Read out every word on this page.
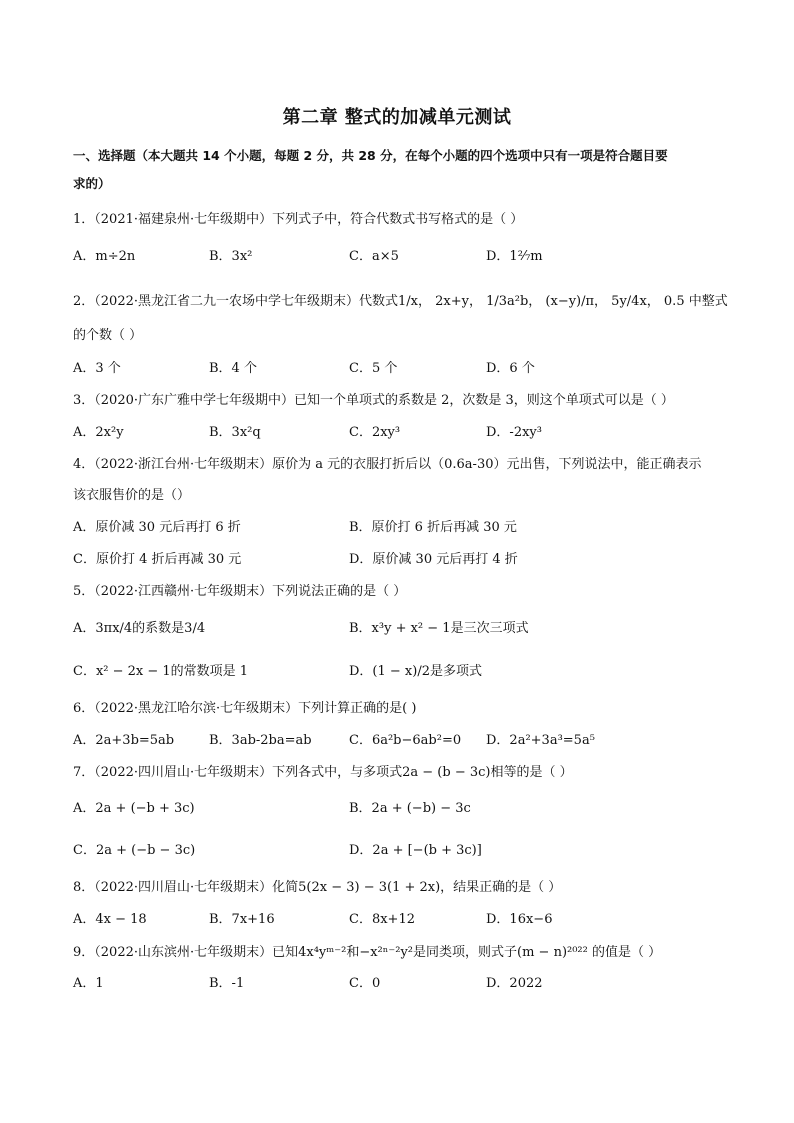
第二章 整式的加减单元测试
一、选择题（本大题共 14 个小题，每题 2 分，共 28 分，在每个小题的四个选项中只有一项是符合题目要
求的）
1．（2021·福建泉州·七年级期中）下列式子中，符合代数式书写格式的是（ ）
A．m÷2n	B．3x²	C．a×5	D．1²⁄₇m
2．（2022·黑龙江省二九一农场中学七年级期末）代数式1/x， 2x+y， 1/3a²b， (x−y)/π， 5y/4x， 0.5 中整式
的个数（ ）
A．3 个	B．4 个	C．5 个	D．6 个
3．（2020·广东广雅中学七年级期中）已知一个单项式的系数是 2，次数是 3，则这个单项式可以是（ ）
A．2x²y	B．3x²q	C．2xy³	D．-2xy³
4．（2022·浙江台州·七年级期末）原价为 a 元的衣服打折后以（0.6a-30）元出售，下列说法中，能正确表示
该衣服售价的是（）
A．原价减 30 元后再打 6 折	B．原价打 6 折后再减 30 元
C．原价打 4 折后再减 30 元	D．原价减 30 元后再打 4 折
5．（2022·江西赣州·七年级期末）下列说法正确的是（ ）
A．3πx/4的系数是3/4	B．x³y + x² − 1是三次三项式
C．x² − 2x − 1的常数项是 1	D．(1 − x)/2是多项式
6．（2022·黑龙江哈尔滨·七年级期末）下列计算正确的是( )
A．2a+3b=5ab	B．3ab-2ba=ab	C．6a²b−6ab²=0 D．2a²+3a³=5a⁵
7．（2022·四川眉山·七年级期末）下列各式中，与多项式2a − (b − 3c)相等的是（ ）
A．2a + (−b + 3c)	B．2a + (−b) − 3c
C．2a + (−b − 3c)	D．2a + [−(b + 3c)]
8．（2022·四川眉山·七年级期末）化简5(2x − 3) − 3(1 + 2x)，结果正确的是（ ）
A．4x − 18	B．7x+16	C．8x+12	D．16x−6
9．（2022·山东滨州·七年级期末）已知4x⁴yᵐ⁻²和−x²ⁿ⁻²y²是同类项，则式子(m − n)²⁰²² 的值是（ ）
A．1	B．-1	C．0	D．2022
